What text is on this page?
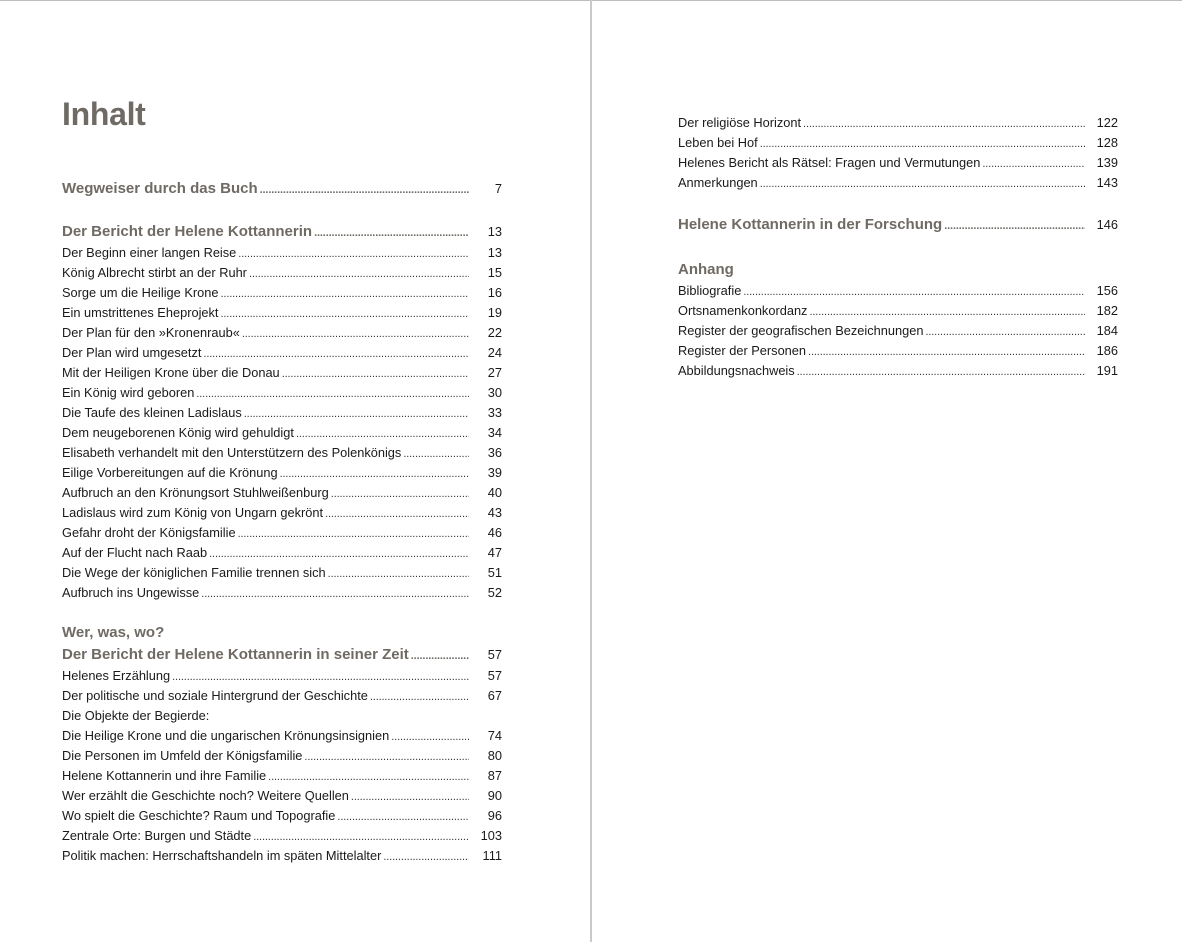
Inhalt
Wegweiser durch das Buch . . .	7
Der Bericht der Helene Kottannerin . . .	13
Der Beginn einer langen Reise . . .	13
König Albrecht stirbt an der Ruhr . . .	15
Sorge um die Heilige Krone . . .	16
Ein umstrittenes Eheprojekt . . .	19
Der Plan für den »Kronenraub« . . .	22
Der Plan wird umgesetzt . . .	24
Mit der Heiligen Krone über die Donau . . .	27
Ein König wird geboren . . .	30
Die Taufe des kleinen Ladislaus . . .	33
Dem neugeborenen König wird gehuldigt . . .	34
Elisabeth verhandelt mit den Unterstützern des Polenkönigs . . .	36
Eilige Vorbereitungen auf die Krönung . . .	39
Aufbruch an den Krönungsort Stuhlweißenburg . . .	40
Ladislaus wird zum König von Ungarn gekrönt . . .	43
Gefahr droht der Königsfamilie . . .	46
Auf der Flucht nach Raab . . .	47
Die Wege der königlichen Familie trennen sich . . .	51
Aufbruch ins Ungewisse . . .	52
Wer, was, wo?
Der Bericht der Helene Kottannerin in seiner Zeit . . .	57
Helenes Erzählung . . .	57
Der politische und soziale Hintergrund der Geschichte . . .	67
Die Objekte der Begierde:
Die Heilige Krone und die ungarischen Krönungsinsignien . . .	74
Die Personen im Umfeld der Königsfamilie . . .	80
Helene Kottannerin und ihre Familie . . .	87
Wer erzählt die Geschichte noch? Weitere Quellen . . .	90
Wo spielt die Geschichte? Raum und Topografie . . .	96
Zentrale Orte: Burgen und Städte . . .	103
Politik machen: Herrschaftshandeln im späten Mittelalter . . .	111
Der religiöse Horizont . . .	122
Leben bei Hof . . .	128
Helenes Bericht als Rätsel: Fragen und Vermutungen . . .	139
Anmerkungen . . .	143
Helene Kottannerin in der Forschung . . .	146
Anhang
Bibliografie . . .	156
Ortsnamenkonkordanz . . .	182
Register der geografischen Bezeichnungen . . .	184
Register der Personen . . .	186
Abbildungsnachweis . . .	191
